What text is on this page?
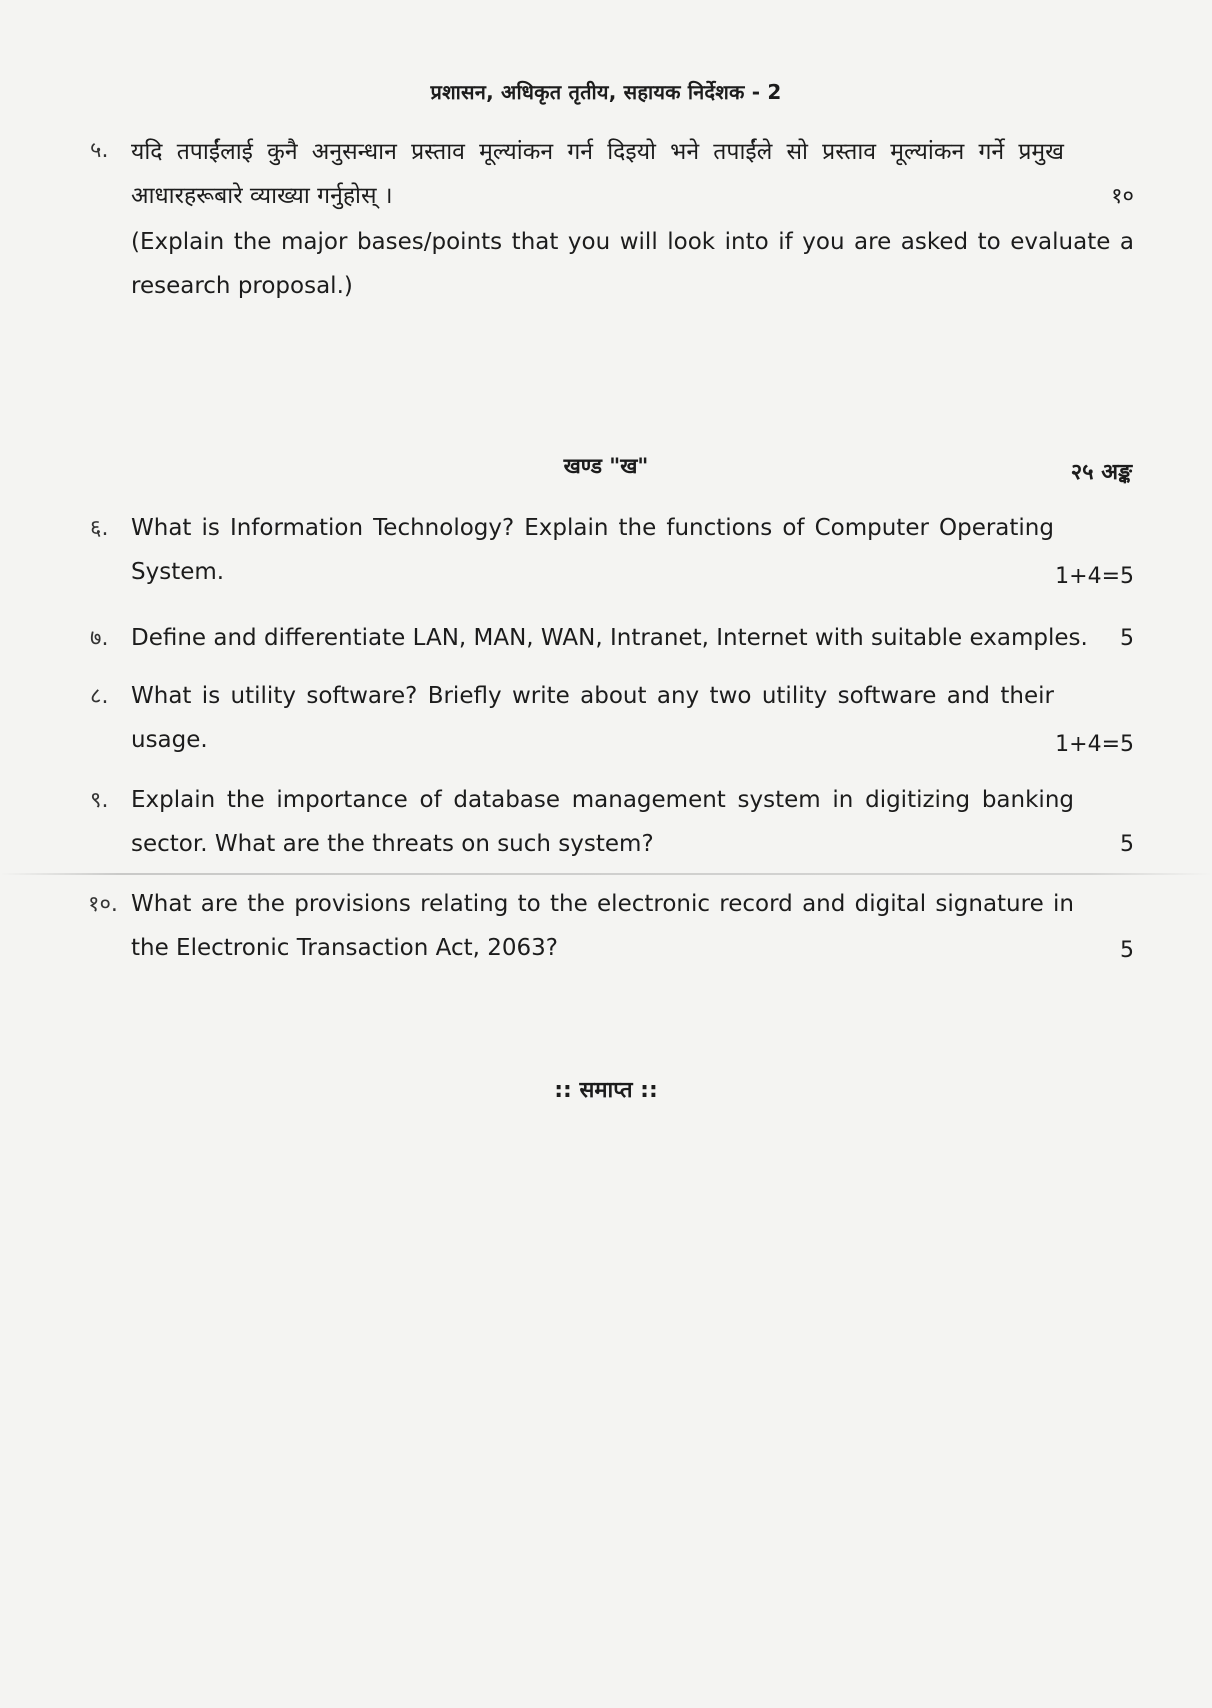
प्रशासन, अधिकृत तृतीय, सहायक निर्देशक - 2
५. यदि तपाईंलाई कुनै अनुसन्धान प्रस्ताव मूल्यांकन गर्न दिइयो भने तपाईंले सो प्रस्ताव मूल्यांकन गर्ने प्रमुख आधारहरूबारे व्याख्या गर्नुहोस् ।
(Explain the major bases/points that you will look into if you are asked to evaluate a research proposal.)
१०
खण्ड "ख"	२५ अङ्क
६. What is Information Technology? Explain the functions of Computer Operating System.	1+4=5
७. Define and differentiate LAN, MAN, WAN, Intranet, Internet with suitable examples.	5
८. What is utility software? Briefly write about any two utility software and their usage.	1+4=5
९. Explain the importance of database management system in digitizing banking sector. What are the threats on such system?	5
१०. What are the provisions relating to the electronic record and digital signature in the Electronic Transaction Act, 2063?	5
:: समाप्त ::
